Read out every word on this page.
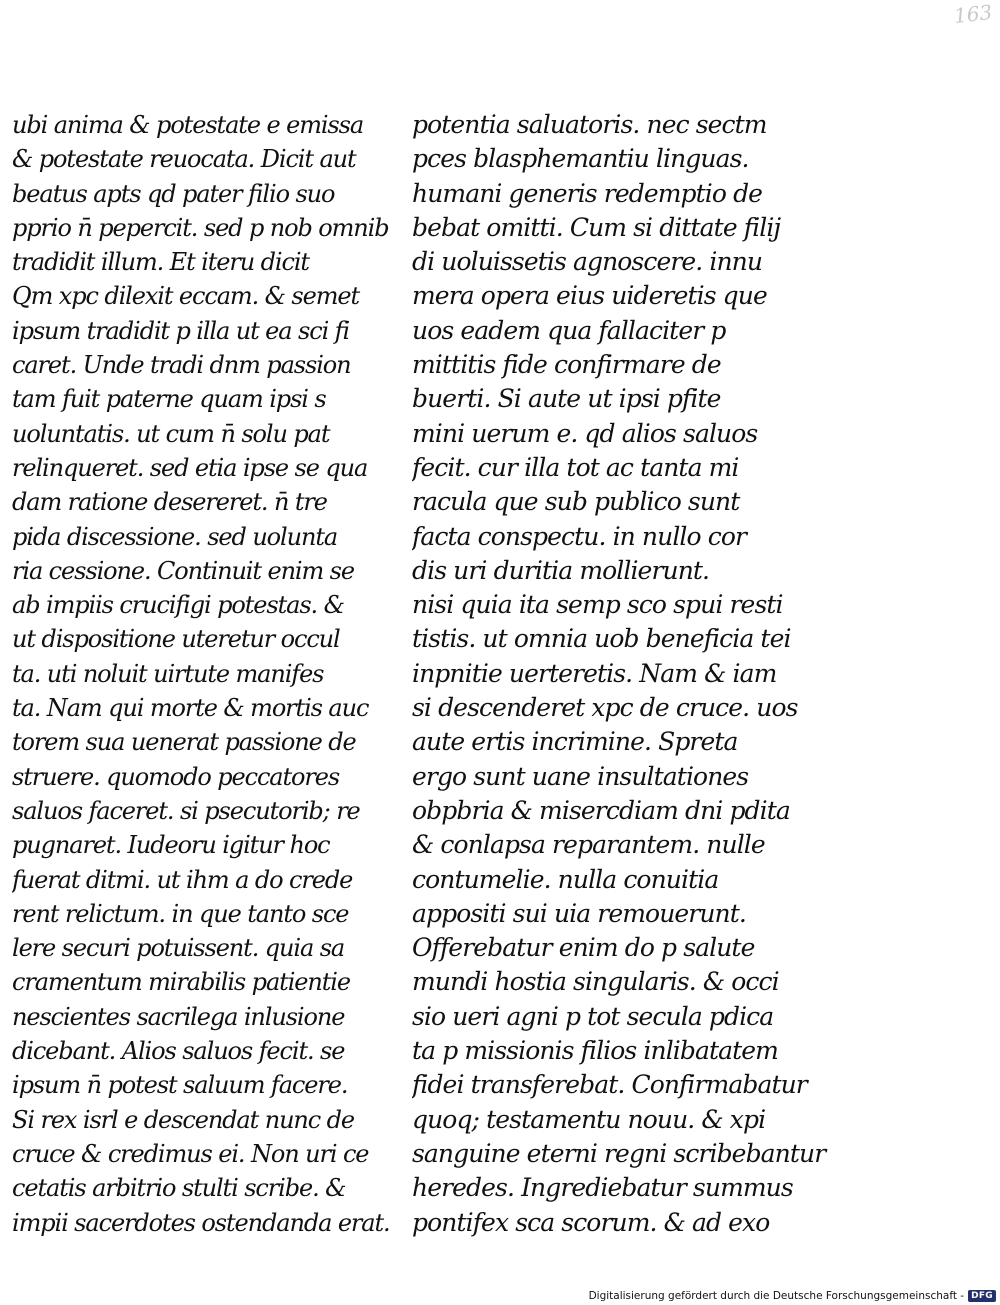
163
ubi anima & potestate e emissa
& potestate reuocata. Dicit aut
beatus apts qd pater filio suo
pprio n̄ pepercit. sed p nob omnib
tradidit illum. Et iteru dicit
Qm xpc dilexit eccam. & semet
ipsum tradidit p illa ut ea sci fi
caret. Unde tradi dnm passion
tam fuit paterne quam ipsi s
uoluntatis. ut cum n̄ solu pat
relinqueret. sed etia ipse se qua
dam ratione desereret. n̄ tre
pida discessione. sed uolunta
ria cessione. Continuit enim se
ab impiis crucifigi potestas. &
ut dispositione uteretur occul
ta. uti noluit uirtute manifes
ta. Nam qui morte & mortis auc
torem sua uenerat passione de
struere. quomodo peccatores
saluos faceret. si psecutorib; re
pugnaret. Iudeoru igitur hoc
fuerat ditmi. ut ihm a do crede
rent relictum. in que tanto sce
lere securi potuissent. quia sa
cramentum mirabilis patientie
nescientes sacrilega inlusione
dicebant. Alios saluos fecit. se
ipsum n̄ potest saluum facere.
Si rex isrl e descendat nunc de
cruce & credimus ei. Non uri ce
cetatis arbitrio stulti scribe. &
impii sacerdotes ostendanda erat.
potentia saluatoris. nec sectm
pces blasphemantiu linguas.
humani generis redemptio de
bebat omitti. Cum si dittate filij
di uoluissetis agnoscere. innu
mera opera eius uideretis que
uos eadem qua fallaciter p
mittitis fide confirmare de
buerti. Si aute ut ipsi pfite
mini uerum e. qd alios saluos
fecit. cur illa tot ac tanta mi
racula que sub publico sunt
facta conspectu. in nullo cor
dis uri duritia mollierunt.
nisi quia ita semp sco spui resti
tistis. ut omnia uob beneficia tei
inpnitie uerteretis. Nam & iam
si descenderet xpc de cruce. uos
aute ertis incrimine. Spreta
ergo sunt uane insultationes
obpbria & misercdiam dni pdita
& conlapsa reparantem. nulle
contumelie. nulla conuitia
appositi sui uia remouerunt.
Offerebatur enim do p salute
mundi hostia singularis. & occi
sio ueri agni p tot secula pdica
ta p missionis filios inlibatatem
fidei transferebat. Confirmabatur
quoq; testamentu nouu. & xpi
sanguine eterni regni scribebantur
heredes. Ingrediebatur summus
pontifex sca scorum. & ad exo
Digitalisierung gefördert durch die Deutsche Forschungsgemeinschaft - DFG
